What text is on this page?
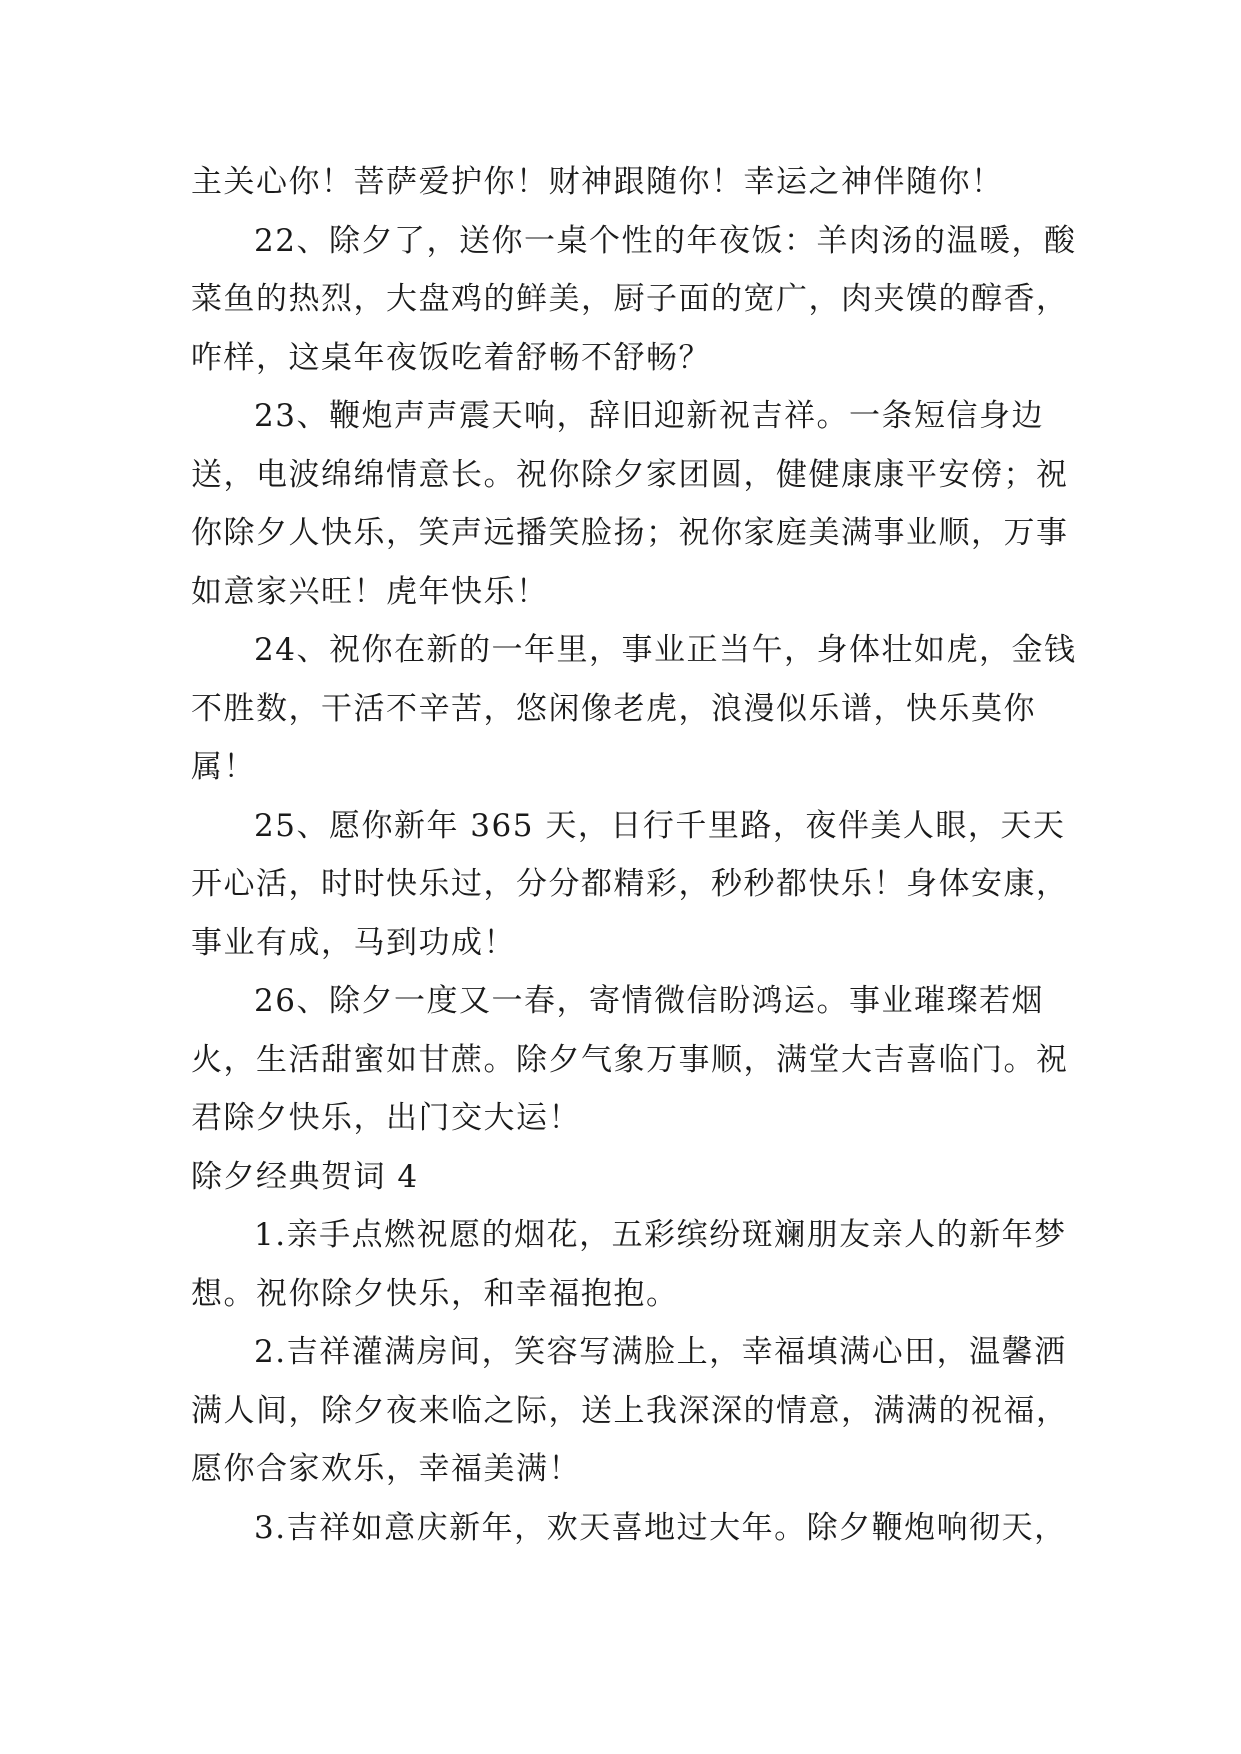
主关心你！菩萨爱护你！财神跟随你！幸运之神伴随你！

22、除夕了，送你一桌个性的年夜饭：羊肉汤的温暖，酸菜鱼的热烈，大盘鸡的鲜美，厨子面的宽广，肉夹馍的醇香，咋样，这桌年夜饭吃着舒畅不舒畅？

23、鞭炮声声震天响，辞旧迎新祝吉祥。一条短信身边送，电波绵绵情意长。祝你除夕家团圆，健健康康平安傍；祝你除夕人快乐，笑声远播笑脸扬；祝你家庭美满事业顺，万事如意家兴旺！虎年快乐！

24、祝你在新的一年里，事业正当午，身体壮如虎，金钱不胜数，干活不辛苦，悠闲像老虎，浪漫似乐谱，快乐莫你属！

25、愿你新年 365 天，日行千里路，夜伴美人眼，天天开心活，时时快乐过，分分都精彩，秒秒都快乐！身体安康，事业有成，马到功成！

26、除夕一度又一春，寄情微信盼鸿运。事业璀璨若烟火，生活甜蜜如甘蔗。除夕气象万事顺，满堂大吉喜临门。祝君除夕快乐，出门交大运！

除夕经典贺词 4

1.亲手点燃祝愿的烟花，五彩缤纷斑斓朋友亲人的新年梦想。祝你除夕快乐，和幸福抱抱。

2.吉祥灌满房间，笑容写满脸上，幸福填满心田，温馨洒满人间，除夕夜来临之际，送上我深深的情意，满满的祝福，愿你合家欢乐，幸福美满！

3.吉祥如意庆新年，欢天喜地过大年。除夕鞭炮响彻天，
